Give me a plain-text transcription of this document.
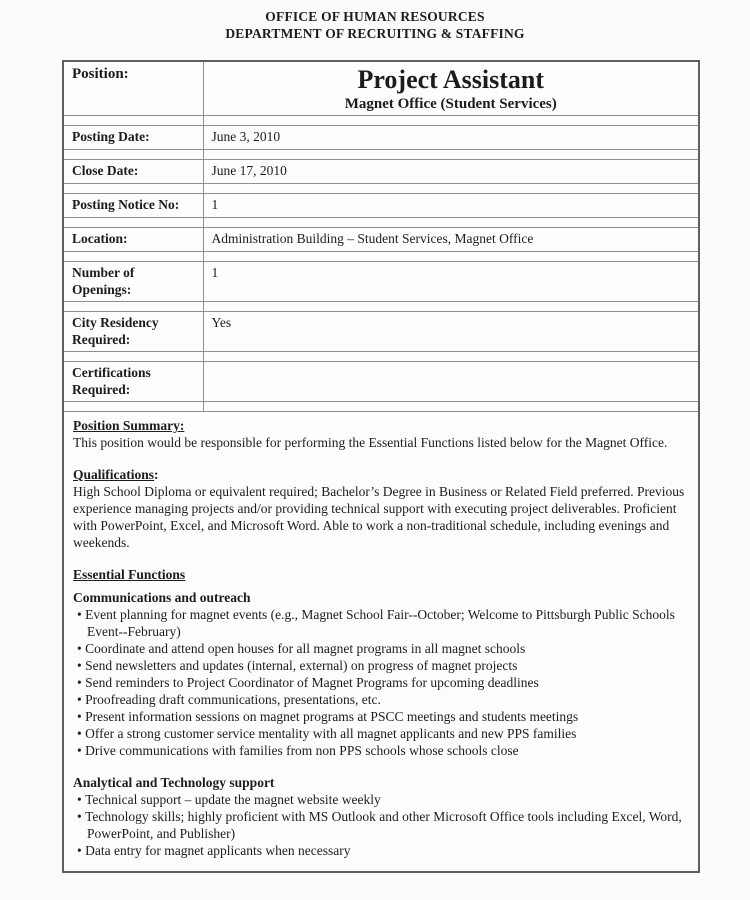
OFFICE OF HUMAN RESOURCES
DEPARTMENT OF RECRUITING & STAFFING
Position:	Project Assistant
Magnet Office (Student Services)

Posting Date:	June 3, 2010

Close Date:	June 17, 2010

Posting Notice No:	1

Location:	Administration Building – Student Services, Magnet Office

Number of Openings:	1

City Residency Required:	Yes

Certifications Required:	

Position Summary:
This position would be responsible for performing the Essential Functions listed below for the Magnet Office.
Qualifications:
High School Diploma or equivalent required; Bachelor’s Degree in Business or Related Field preferred. Previous experience managing projects and/or providing technical support with executing project deliverables. Proficient with PowerPoint, Excel, and Microsoft Word. Able to work a non-traditional schedule, including evenings and weekends.
Essential Functions
Communications and outreach
• Event planning for magnet events (e.g., Magnet School Fair--October; Welcome to Pittsburgh Public Schools Event--February)
• Coordinate and attend open houses for all magnet programs in all magnet schools
• Send newsletters and updates (internal, external) on progress of magnet projects
• Send reminders to Project Coordinator of Magnet Programs for upcoming deadlines
• Proofreading draft communications, presentations, etc.
• Present information sessions on magnet programs at PSCC meetings and students meetings
• Offer a strong customer service mentality with all magnet applicants and new PPS families
• Drive communications with families from non PPS schools whose schools close
Analytical and Technology support
• Technical support – update the magnet website weekly
• Technology skills; highly proficient with MS Outlook and other Microsoft Office tools including Excel, Word, PowerPoint, and Publisher)
• Data entry for magnet applicants when necessary
